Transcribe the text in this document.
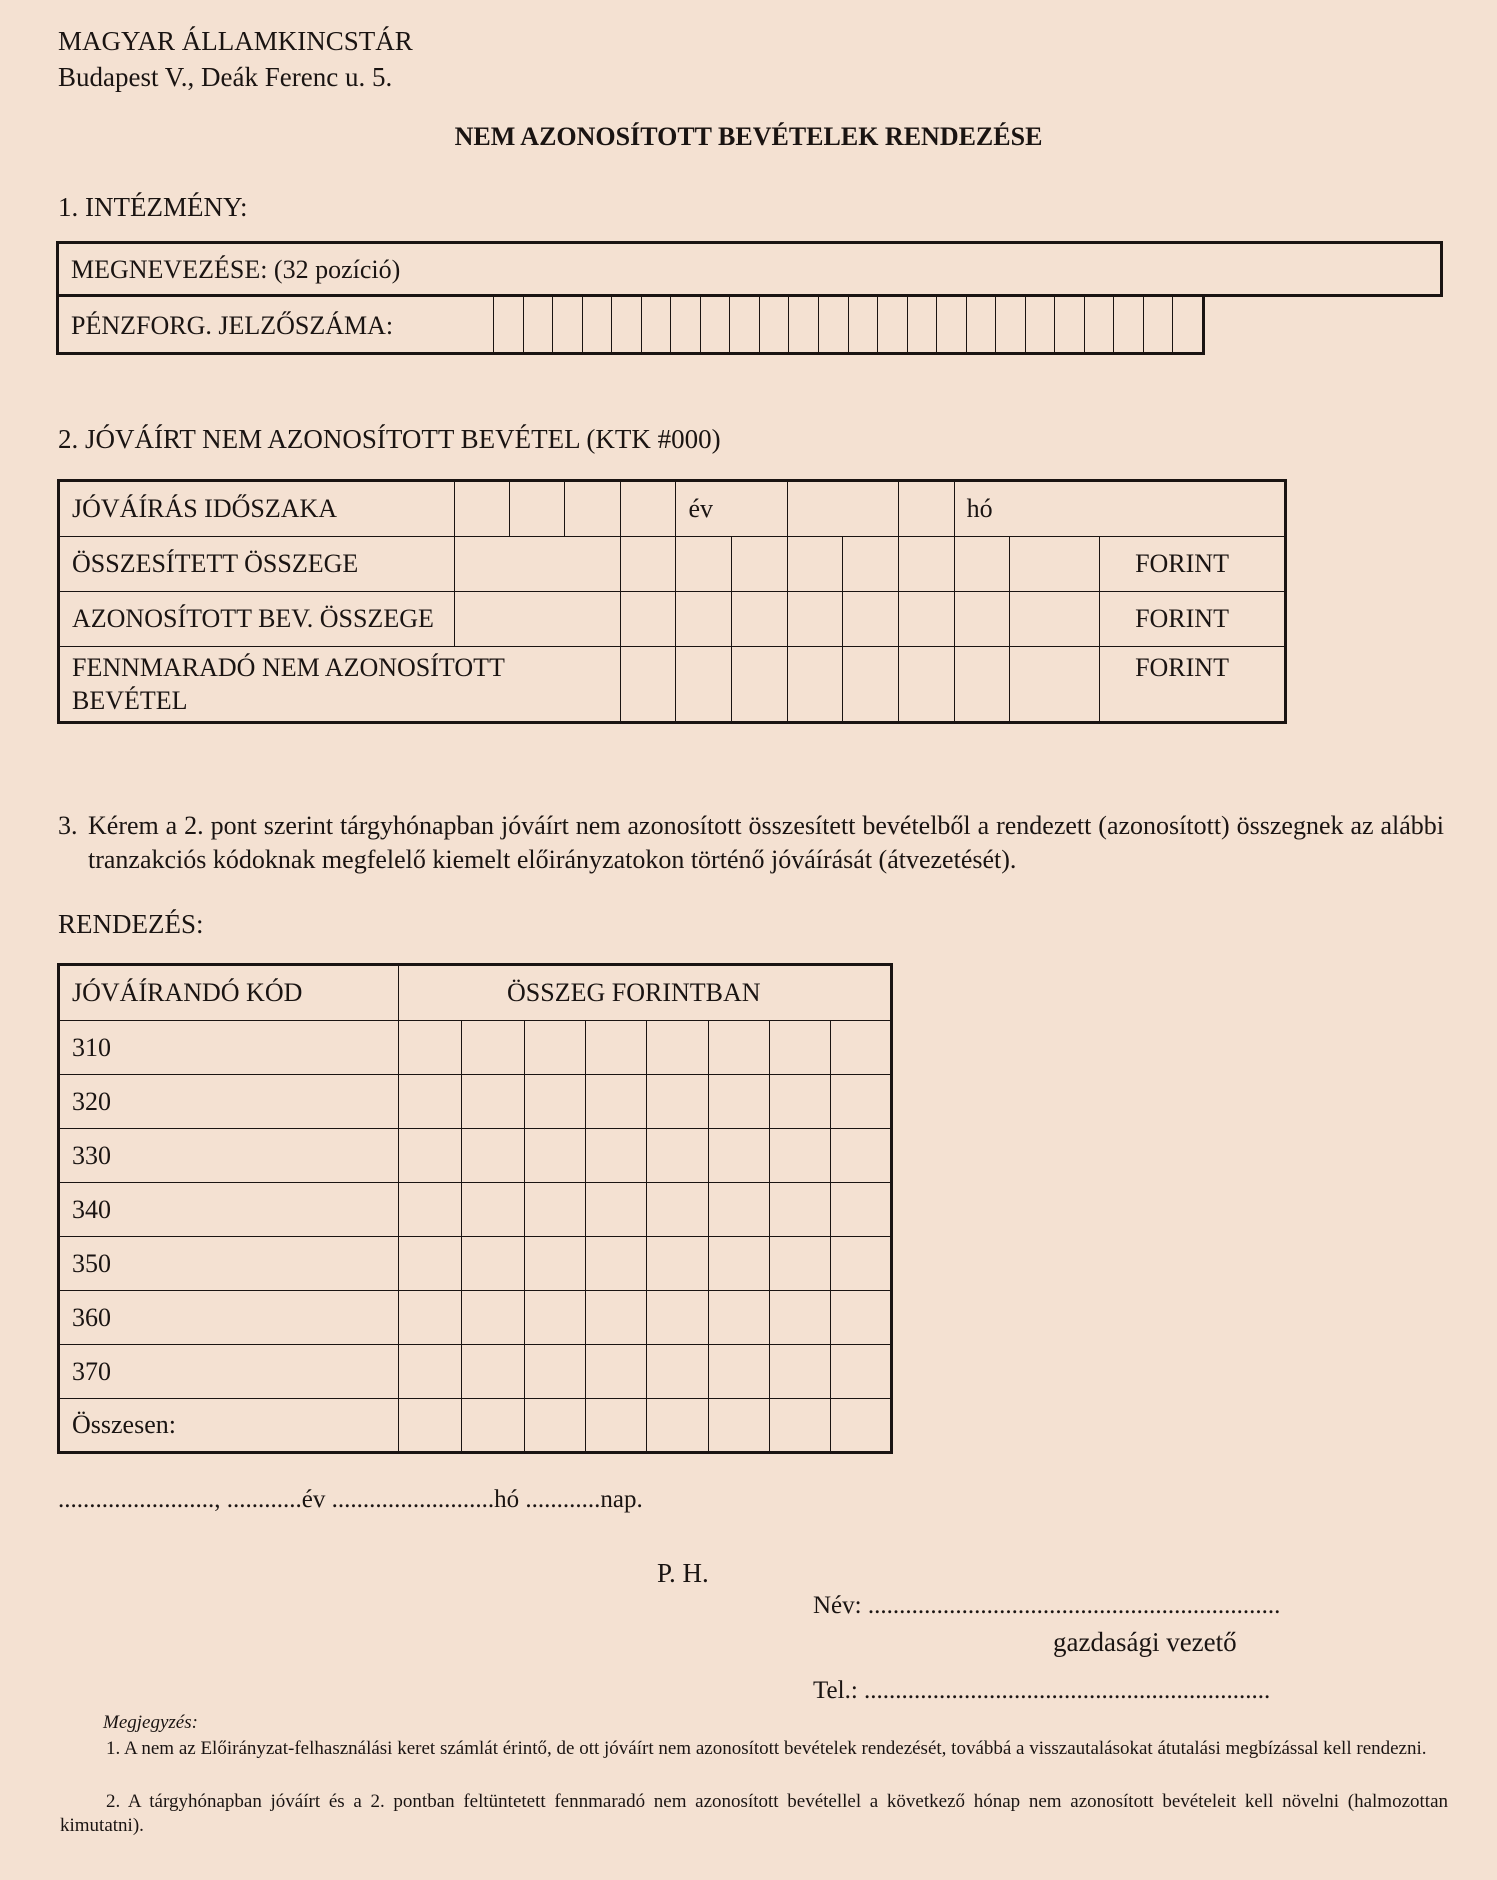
MAGYAR ÁLLAMKINCSTÁR
Budapest V., Deák Ferenc u. 5.
NEM AZONOSÍTOTT BEVÉTELEK RENDEZÉSE
1. INTÉZMÉNY:
MEGNEVEZÉSE: (32 pozíció)
PÉNZFORG. JELZŐSZÁMA:
2. JÓVÁÍRT NEM AZONOSÍTOTT BEVÉTEL (KTK #000)
JÓVÁÍRÁS IDŐSZAKA					év					hó		
ÖSSZESÍTETT ÖSSZEGE												FORINT
AZONOSÍTOTT BEV. ÖSSZEGE												FORINT

FENNMARADÓ NEM AZONOSÍTOTT
BEVÉTEL												FORINT
3. Kérem a 2. pont szerint tárgyhónapban jóváírt nem azonosított összesített bevételből a rendezett (azonosított) összegnek az alábbi tranzakciós kódoknak megfelelő kiemelt előirányzatokon történő jóváírását (átvezetését).
RENDEZÉS:
JÓVÁÍRANDÓ KÓD	ÖSSZEG FORINTBAN							
310								
320								
330								
340								
350								
360								
370								
Összesen:								
........................., ............év ..........................hó ............nap.
P. H.
Név: ..................................................................
gazdasági vezető
Tel.: .................................................................
Megjegyzés:
1. A nem az Előirányzat-felhasználási keret számlát érintő, de ott jóváírt nem azonosított bevételek rendezését, továbbá a visszautalásokat átutalási megbízással kell rendezni.
2. A tárgyhónapban jóváírt és a 2. pontban feltüntetett fennmaradó nem azonosított bevétellel a következő hónap nem azonosított bevételeit kell növelni (halmozottan kimutatni).
